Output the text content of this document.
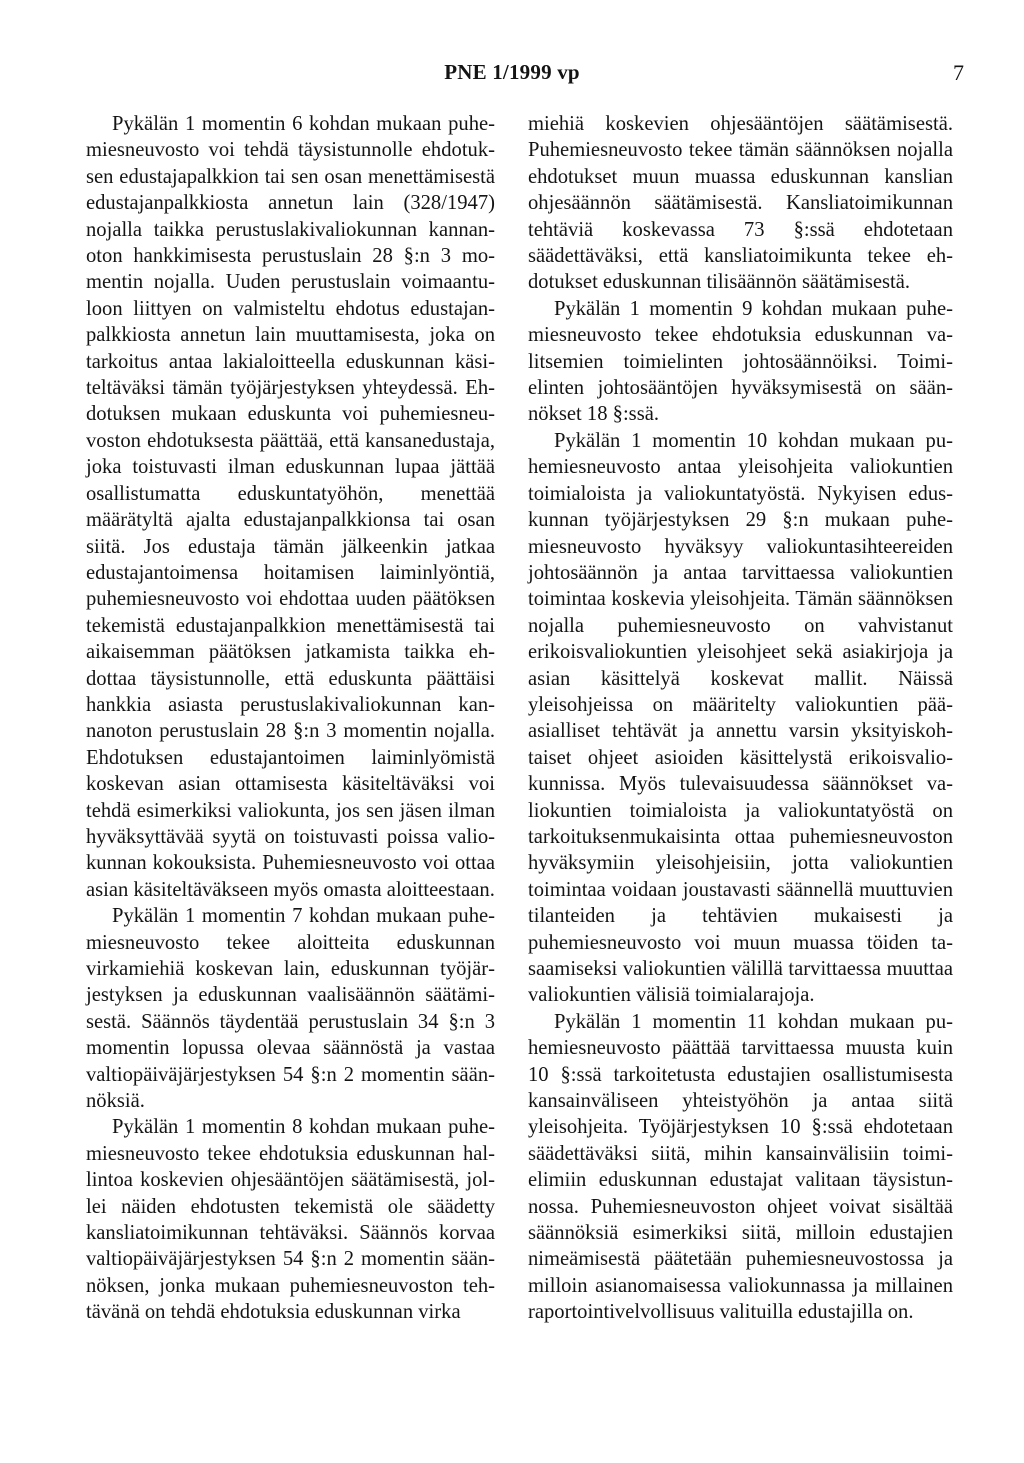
PNE 1/1999 vp	7

Pykälän 1 momentin 6 kohdan mukaan puhemiesneuvosto voi tehdä täysistunnolle ehdotuksen edustajapalkkion tai sen osan menettämisestä edustajanpalkkiosta annetun lain (328/1947) nojalla taikka perustuslakivaliokunnan kannanoton hankkimisesta perustuslain 28 §:n 3 momentin nojalla. Uuden perustuslain voimaantuloon liittyen on valmisteltu ehdotus edustajanpalkkiosta annetun lain muuttamisesta, joka on tarkoitus antaa lakialoitteella eduskunnan käsiteltäväksi tämän työjärjestyksen yhteydessä. Ehdotuksen mukaan eduskunta voi puhemiesneuvoston ehdotuksesta päättää, että kansanedustaja, joka toistuvasti ilman eduskunnan lupaa jättää osallistumatta eduskuntatyöhön, menettää määrätyltä ajalta edustajanpalkkionsa tai osan siitä. Jos edustaja tämän jälkeenkin jatkaa edustajantoimensa hoitamisen laiminlyöntiä, puhemiesneuvosto voi ehdottaa uuden päätöksen tekemistä edustajanpalkkion menettämisestä tai aikaisemman päätöksen jatkamista taikka ehdottaa täysistunnolle, että eduskunta päättäisi hankkia asiasta perustuslakivaliokunnan kannanoton perustuslain 28 §:n 3 momentin nojalla. Ehdotuksen edustajantoimen laiminlyömistä koskevan asian ottamisesta käsiteltäväksi voi tehdä esimerkiksi valiokunta, jos sen jäsen ilman hyväksyttävää syytä on toistuvasti poissa valiokunnan kokouksista. Puhemiesneuvosto voi ottaa asian käsiteltäväkseen myös omasta aloitteestaan.

Pykälän 1 momentin 7 kohdan mukaan puhemiesneuvosto tekee aloitteita eduskunnan virkamiehiä koskevan lain, eduskunnan työjärjestyksen ja eduskunnan vaalisäännön säätämisestä. Säännös täydentää perustuslain 34 §:n 3 momentin lopussa olevaa säännöstä ja vastaa valtiopäiväjärjestyksen 54 §:n 2 momentin säännöksiä.

Pykälän 1 momentin 8 kohdan mukaan puhemiesneuvosto tekee ehdotuksia eduskunnan hallintoa koskevien ohjesääntöjen säätämisestä, jollei näiden ehdotusten tekemistä ole säädetty kansliatoimikunnan tehtäväksi. Säännös korvaa valtiopäiväjärjestyksen 54 §:n 2 momentin säännöksen, jonka mukaan puhemiesneuvoston tehtävänä on tehdä ehdotuksia eduskunnan virka

miehiä koskevien ohjesääntöjen säätämisestä. Puhemiesneuvosto tekee tämän säännöksen nojalla ehdotukset muun muassa eduskunnan kanslian ohjesäännön säätämisestä. Kansliatoimikunnan tehtäviä koskevassa 73 §:ssä ehdotetaan säädettäväksi, että kansliatoimikunta tekee ehdotukset eduskunnan tilisäännön säätämisestä.

Pykälän 1 momentin 9 kohdan mukaan puhemiesneuvosto tekee ehdotuksia eduskunnan valitsemien toimielinten johtosäännöiksi. Toimielinten johtosääntöjen hyväksymisestä on säännökset 18 §:ssä.

Pykälän 1 momentin 10 kohdan mukaan puhemiesneuvosto antaa yleisohjeita valiokuntien toimialoista ja valiokuntatyöstä. Nykyisen eduskunnan työjärjestyksen 29 §:n mukaan puhemiesneuvosto hyväksyy valiokuntasihteereiden johtosäännön ja antaa tarvittaessa valiokuntien toimintaa koskevia yleisohjeita. Tämän säännöksen nojalla puhemiesneuvosto on vahvistanut erikoisvaliokuntien yleisohjeet sekä asiakirjoja ja asian käsittelyä koskevat mallit. Näissä yleisohjeissa on määritelty valiokuntien pääasialliset tehtävät ja annettu varsin yksityiskohtaiset ohjeet asioiden käsittelystä erikoisvaliokunnissa. Myös tulevaisuudessa säännökset valiokuntien toimialoista ja valiokuntatyöstä on tarkoituksenmukaisinta ottaa puhemiesneuvoston hyväksymiin yleisohjeisiin, jotta valiokuntien toimintaa voidaan joustavasti säännellä muuttuvien tilanteiden ja tehtävien mukaisesti ja puhemiesneuvosto voi muun muassa töiden tasaamiseksi valiokuntien välillä tarvittaessa muuttaa valiokuntien välisiä toimialarajoja.

Pykälän 1 momentin 11 kohdan mukaan puhemiesneuvosto päättää tarvittaessa muusta kuin 10 §:ssä tarkoitetusta edustajien osallistumisesta kansainväliseen yhteistyöhön ja antaa siitä yleisohjeita. Työjärjestyksen 10 §:ssä ehdotetaan säädettäväksi siitä, mihin kansainvälisiin toimielimiin eduskunnan edustajat valitaan täysistunnossa. Puhemiesneuvoston ohjeet voivat sisältää säännöksiä esimerkiksi siitä, milloin edustajien nimeämisestä päätetään puhemiesneuvostossa ja milloin asianomaisessa valiokunnassa ja millainen raportointivelvollisuus valituilla edustajilla on.
